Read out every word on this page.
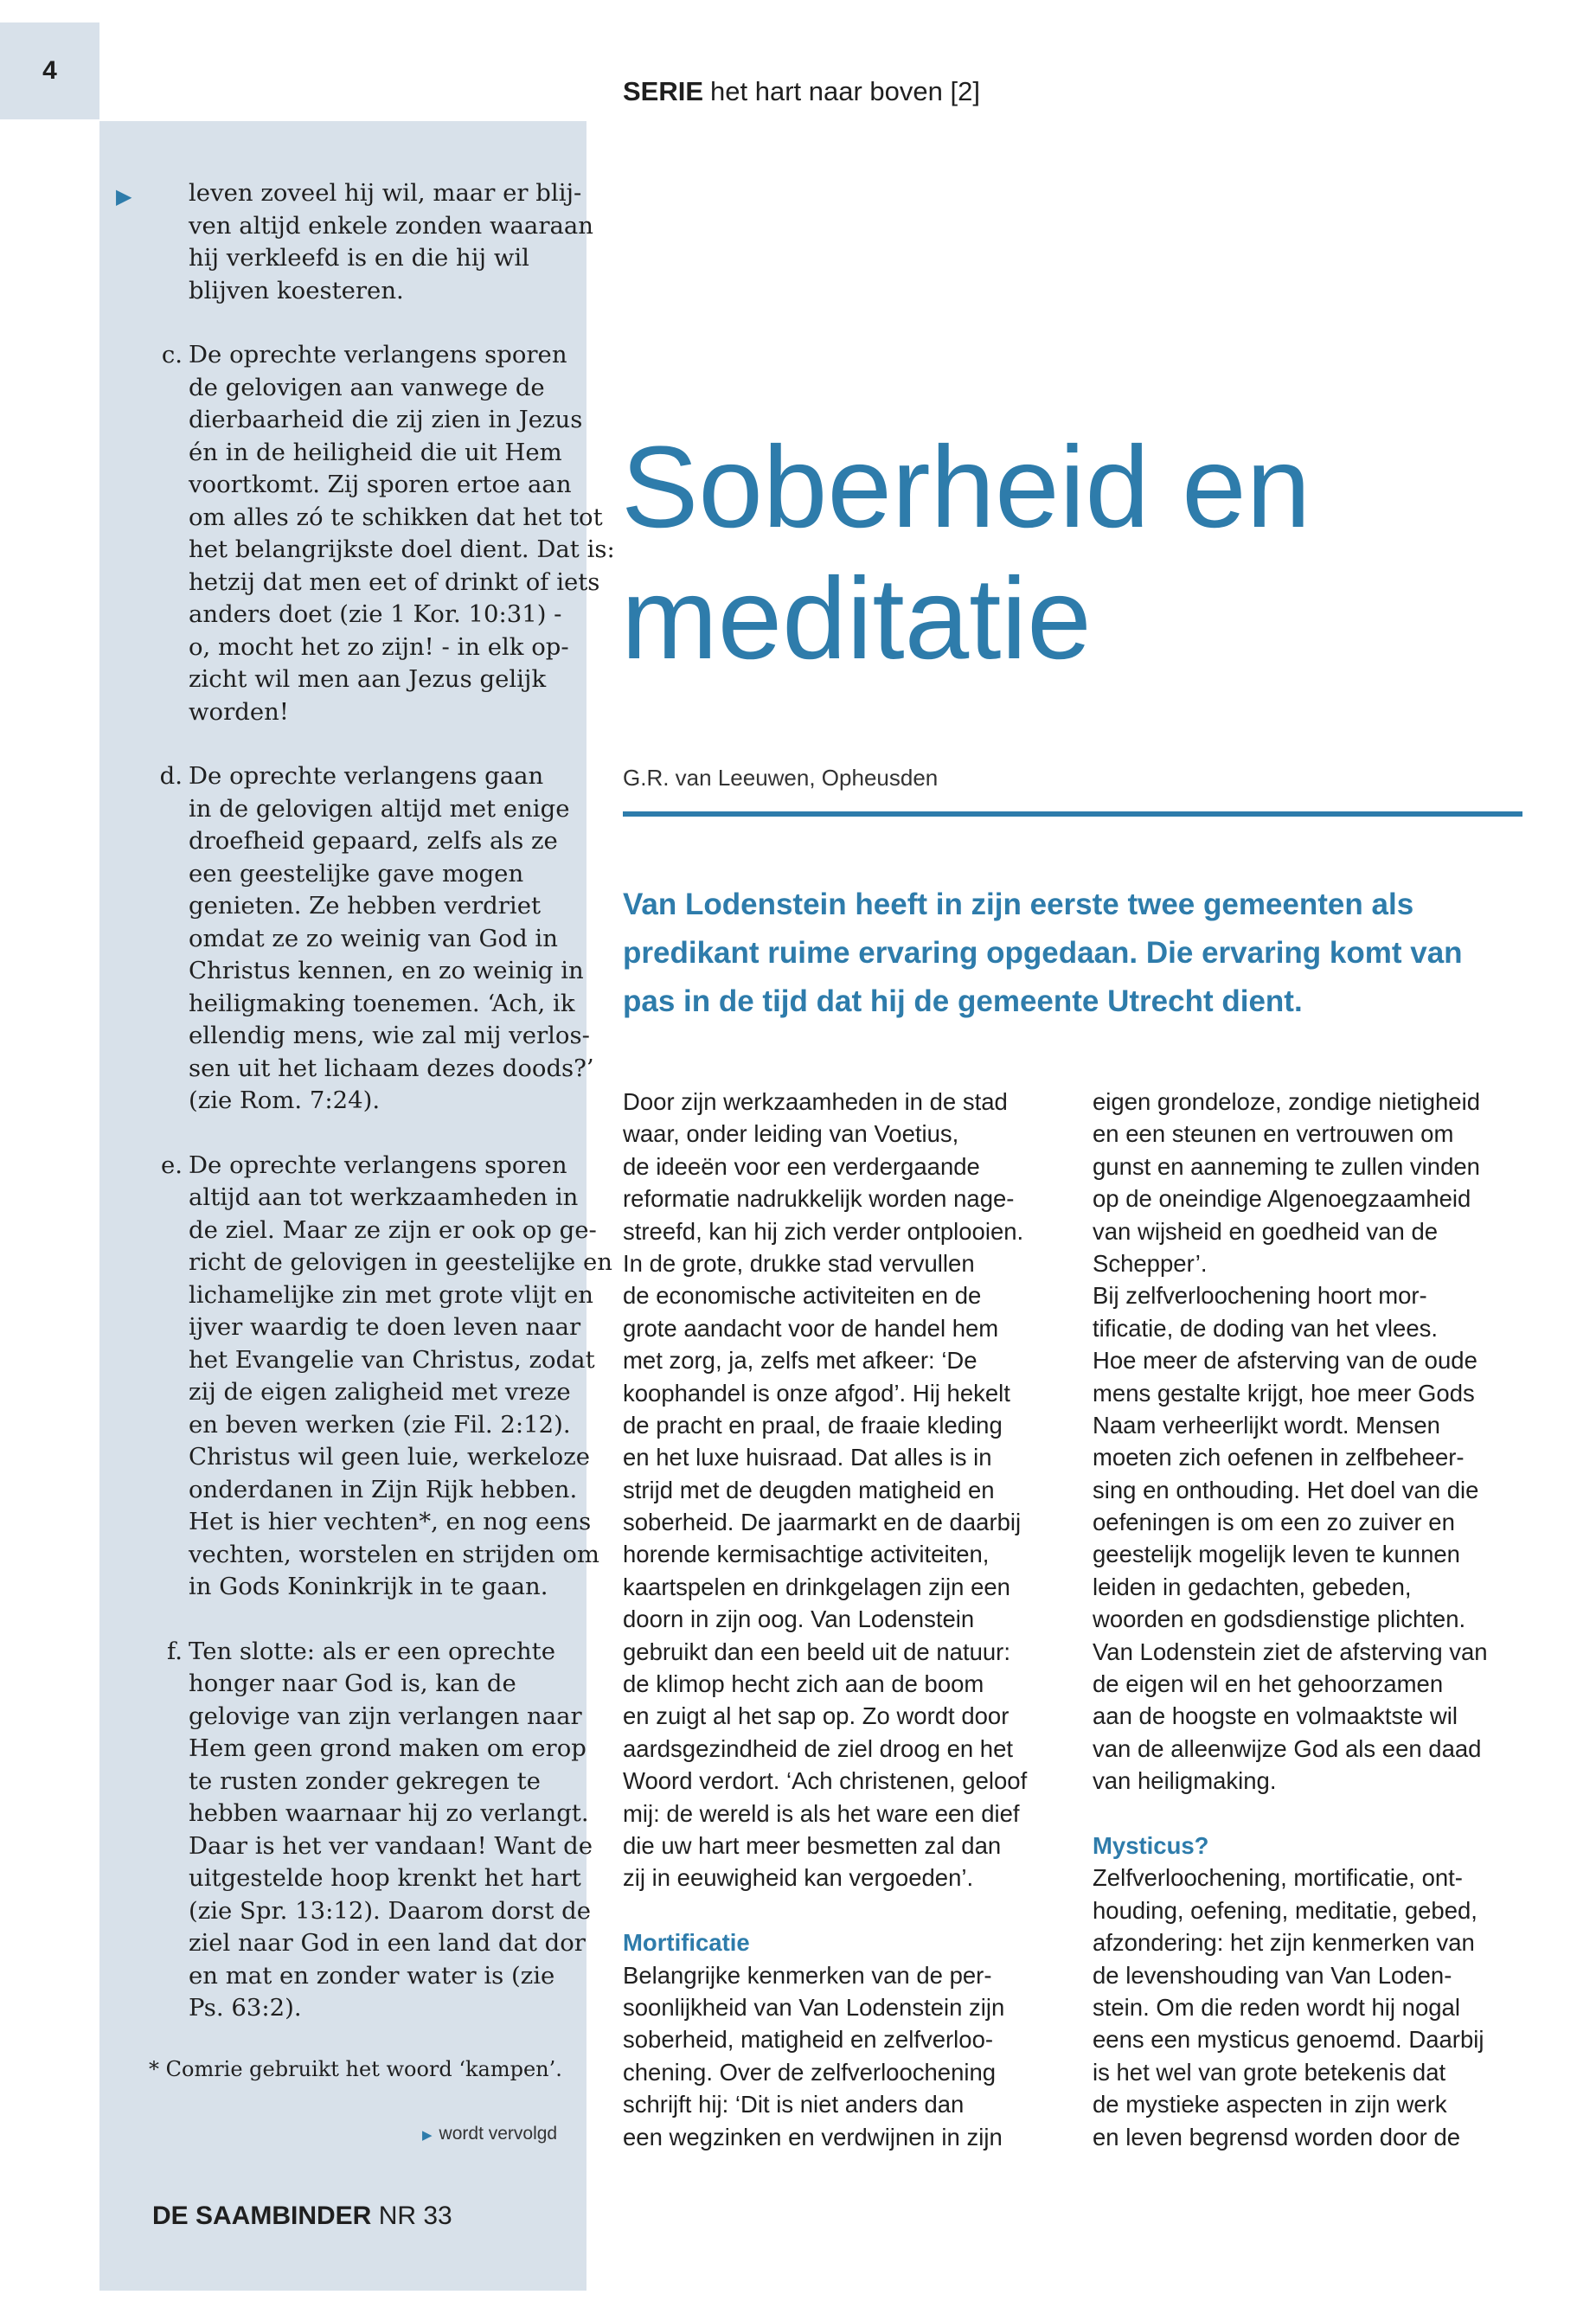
4
SERIE het hart naar boven [2]
▶ leven zoveel hij wil, maar er blij-
ven altijd enkele zonden waaraan
hij verkleefd is en die hij wil
blijven koesteren.
c. De oprechte verlangens sporen
de gelovigen aan vanwege de
dierbaarheid die zij zien in Jezus
én in de heiligheid die uit Hem
voortkomt. Zij sporen ertoe aan
om alles zó te schikken dat het tot
het belangrijkste doel dient. Dat is:
hetzij dat men eet of drinkt of iets
anders doet (zie 1 Kor. 10:31) -
o, mocht het zo zijn! - in elk op-
zicht wil men aan Jezus gelijk
worden!
d. De oprechte verlangens gaan
in de gelovigen altijd met enige
droefheid gepaard, zelfs als ze
een geestelijke gave mogen
genieten. Ze hebben verdriet
omdat ze zo weinig van God in
Christus kennen, en zo weinig in
heiligmaking toenemen. ‘Ach, ik
ellendig mens, wie zal mij verlos-
sen uit het lichaam dezes doods?’
(zie Rom. 7:24).
e. De oprechte verlangens sporen
altijd aan tot werkzaamheden in
de ziel. Maar ze zijn er ook op ge-
richt de gelovigen in geestelijke en
lichamelijke zin met grote vlijt en
ijver waardig te doen leven naar
het Evangelie van Christus, zodat
zij de eigen zaligheid met vreze
en beven werken (zie Fil. 2:12).
Christus wil geen luie, werkeloze
onderdanen in Zijn Rijk hebben.
Het is hier vechten*, en nog eens
vechten, worstelen en strijden om
in Gods Koninkrijk in te gaan.
f. Ten slotte: als er een oprechte
honger naar God is, kan de
gelovige van zijn verlangen naar
Hem geen grond maken om erop
te rusten zonder gekregen te
hebben waarnaar hij zo verlangt.
Daar is het ver vandaan! Want de
uitgestelde hoop krenkt het hart
(zie Spr. 13:12). Daarom dorst de
ziel naar God in een land dat dor
en mat en zonder water is (zie
Ps. 63:2).
* Comrie gebruikt het woord ‘kampen’.
▶ wordt vervolgd
DE SAAMBINDER NR 33
Soberheid en
meditatie
G.R. van Leeuwen, Opheusden
Van Lodenstein heeft in zijn eerste twee gemeenten als
predikant ruime ervaring opgedaan. Die ervaring komt van
pas in de tijd dat hij de gemeente Utrecht dient.
Door zijn werkzaamheden in de stad
waar, onder leiding van Voetius,
de ideeën voor een verdergaande
reformatie nadrukkelijk worden nage-
streefd, kan hij zich verder ontplooien.
In de grote, drukke stad vervullen
de economische activiteiten en de
grote aandacht voor de handel hem
met zorg, ja, zelfs met afkeer: ‘De
koophandel is onze afgod’. Hij hekelt
de pracht en praal, de fraaie kleding
en het luxe huisraad. Dat alles is in
strijd met de deugden matigheid en
soberheid. De jaarmarkt en de daarbij
horende kermisachtige activiteiten,
kaartspelen en drinkgelagen zijn een
doorn in zijn oog. Van Lodenstein
gebruikt dan een beeld uit de natuur:
de klimop hecht zich aan de boom
en zuigt al het sap op. Zo wordt door
aardsgezindheid de ziel droog en het
Woord verdort. ‘Ach christenen, geloof
mij: de wereld is als het ware een dief
die uw hart meer besmetten zal dan
zij in eeuwigheid kan vergoeden’.
Mortificatie
Belangrijke kenmerken van de per-
soonlijkheid van Van Lodenstein zijn
soberheid, matigheid en zelfverloo-
chening. Over de zelfverloochening
schrijft hij: ‘Dit is niet anders dan
een wegzinken en verdwijnen in zijn
eigen grondeloze, zondige nietigheid
en een steunen en vertrouwen om
gunst en aanneming te zullen vinden
op de oneindige Algenoegzaamheid
van wijsheid en goedheid van de
Schepper’.
Bij zelfverloochening hoort mor-
tificatie, de doding van het vlees.
Hoe meer de afsterving van de oude
mens gestalte krijgt, hoe meer Gods
Naam verheerlijkt wordt. Mensen
moeten zich oefenen in zelfbeheer-
sing en onthouding. Het doel van die
oefeningen is om een zo zuiver en
geestelijk mogelijk leven te kunnen
leiden in gedachten, gebeden,
woorden en godsdienstige plichten.
Van Lodenstein ziet de afsterving van
de eigen wil en het gehoorzamen
aan de hoogste en volmaaktste wil
van de alleenwijze God als een daad
van heiligmaking.
Mysticus?
Zelfverloochening, mortificatie, ont-
houding, oefening, meditatie, gebed,
afzondering: het zijn kenmerken van
de levenshouding van Van Loden-
stein. Om die reden wordt hij nogal
eens een mysticus genoemd. Daarbij
is het wel van grote betekenis dat
de mystieke aspecten in zijn werk
en leven begrensd worden door de
